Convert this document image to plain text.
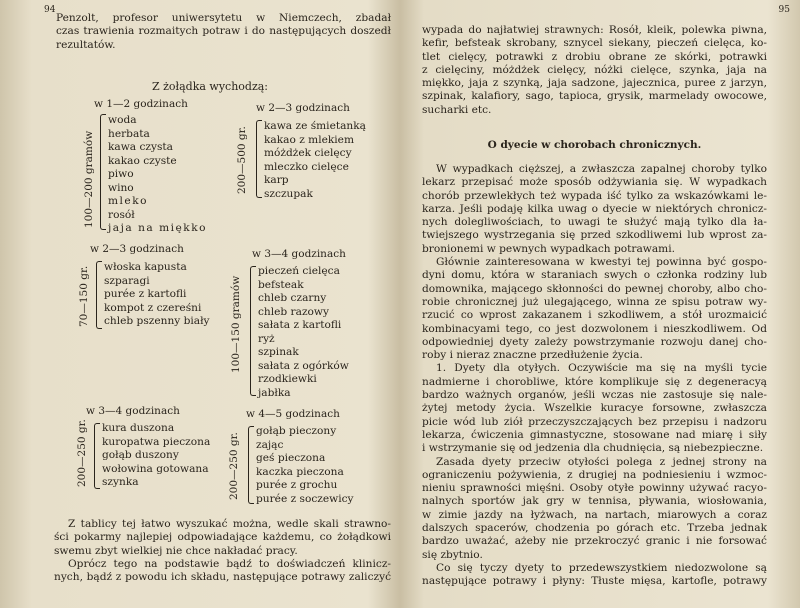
94
Penzolt, profesor uniwersytetu w Niemczech, zbadał
czas trawienia rozmaitych potraw i do następujących doszedł
rezultatów.
Z żołądka wychodzą:
w 1—2 godzinach
100—200 gramów
woda
herbata
kawa czysta
kakao czyste
piwo
wino
mleko
rosół
jaja na miękko
w 2—3 godzinach
200—500 gr.
kawa ze śmietanką
kakao z mlekiem
móżdżek cielęcy
mleczko cielęce
karp
szczupak
w 2—3 godzinach
70—150 gr. włoska kapusta
szparagi
purée z kartofli
kompot z czereśni
chleb pszenny biały
w 3—4 godzinach
100—150 gramów
pieczeń cielęca
befsteak
chleb czarny
chleb razowy
sałata z kartofli
ryż
szpinak
sałata z ogórków
rzodkiewki
jabłka
w 3—4 godzinach
200—250 gr. kura duszona
kuropatwa pieczona
gołąb duszony
wołowina gotowana
szynka
w 4—5 godzinach
200—250 gr.
gołąb pieczony
zając
geś pieczona
kaczka pieczona
purée z grochu
purée z soczewicy
Z tablicy tej łatwo wyszukać można, wedle skali strawno-
ści pokarmy najlepiej odpowiadające każdemu, co żołądkowi
swemu zbyt wielkiej nie chce nakładać pracy.
Oprócz tego na podstawie bądź to doświadczeń klinicz-
nych, bądź z powodu ich składu, następujące potrawy zaliczyć
95
wypada do najłatwiej strawnych: Rosół, kleik, polewka piwna,
kefir, befsteak skrobany, sznycel siekany, pieczeń cielęca, ko-
tlet cielęcy, potrawki z drobiu obrane ze skórki, potrawki
z cielęciny, móżdżek cielęcy, nóżki cielęce, szynka, jaja na
miękko, jaja z szynką, jaja sadzone, jajecznica, puree z jarzyn,
szpinak, kalafiory, sago, tapioca, grysik, marmelady owocowe,
sucharki etc.
O dyecie w chorobach chronicznych.
W wypadkach cięższej, a zwłaszcza zapalnej choroby tylko
lekarz przepisać może sposób odżywiania się. W wypadkach
chorób przewlekłych też wypada iść tylko za wskazówkami le-
karza. Jeśli podaję kilka uwag o dyecie w niektórych chronicz-
nych dolegliwościach, to uwagi te służyć mają tylko dla ła-
twiejszego wystrzegania się przed szkodliwemi lub wprost za-
bronionemi w pewnych wypadkach potrawami.
Głównie zainteresowana w kwestyi tej powinna być gospo-
dyni domu, która w staraniach swych o członka rodziny lub
domownika, mającego skłonności do pewnej choroby, albo cho-
robie chronicznej już ulegającego, winna ze spisu potraw wy-
rzucić co wprost zakazanem i szkodliwem, a stół urozmaicić
kombinacyami tego, co jest dozwolonem i nieszkodliwem. Od
odpowiedniej dyety zależy powstrzymanie rozwoju danej cho-
roby i nieraz znaczne przedłużenie życia.
1. Dyety dla otyłych. Oczywiście ma się na myśli tycie
nadmierne i chorobliwe, które komplikuje się z degeneracyą
bardzo ważnych organów, jeśli wczas nie zastosuje się nale-
żytej metody życia. Wszelkie kuracye forsowne, zwłaszcza
picie wód lub ziół przeczyszczających bez przepisu i nadzoru
lekarza, ćwiczenia gimnastyczne, stosowane nad miarę i siły
i wstrzymanie się od jedzenia dla chudnięcia, są niebezpieczne.
Zasada dyety przeciw otyłości polega z jednej strony na
ograniczeniu pożywienia, z drugiej na podniesieniu i wzmoc-
nieniu sprawności mięśni. Osoby otyłe powinny używać racyo-
nalnych sportów jak gry w tennisa, pływania, wiosłowania,
w zimie jazdy na łyżwach, na nartach, miarowych a coraz
dalszych spacerów, chodzenia po górach etc. Trzeba jednak
bardzo uważać, ażeby nie przekroczyć granic i nie forsować
się zbytnio.
Co się tyczy dyety to przedewszystkiem niedozwolone są
następujące potrawy i płyny: Tłuste mięsa, kartofle, potrawy
